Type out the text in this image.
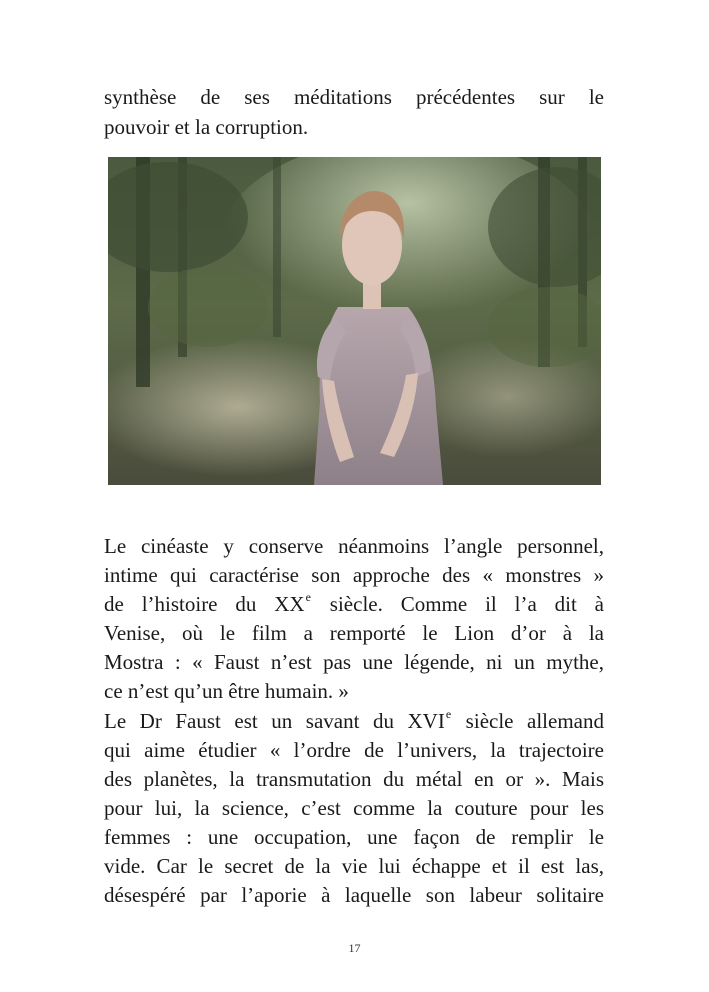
synthèse de ses méditations précédentes sur le
pouvoir et la corruption.
Le cinéaste y conserve néanmoins l’angle personnel,
intime qui caractérise son approche des « monstres »
de l’histoire du XXe siècle. Comme il l’a dit à
Venise, où le film a remporté le Lion d’or à la
Mostra : « Faust n’est pas une légende, ni un mythe,
ce n’est qu’un être humain. »
Le Dr Faust est un savant du XVIe siècle allemand
qui aime étudier « l’ordre de l’univers, la trajectoire
des planètes, la transmutation du métal en or ». Mais
pour lui, la science, c’est comme la couture pour les
femmes : une occupation, une façon de remplir le
vide. Car le secret de la vie lui échappe et il est las,
désespéré par l’aporie à laquelle son labeur solitaire
17
